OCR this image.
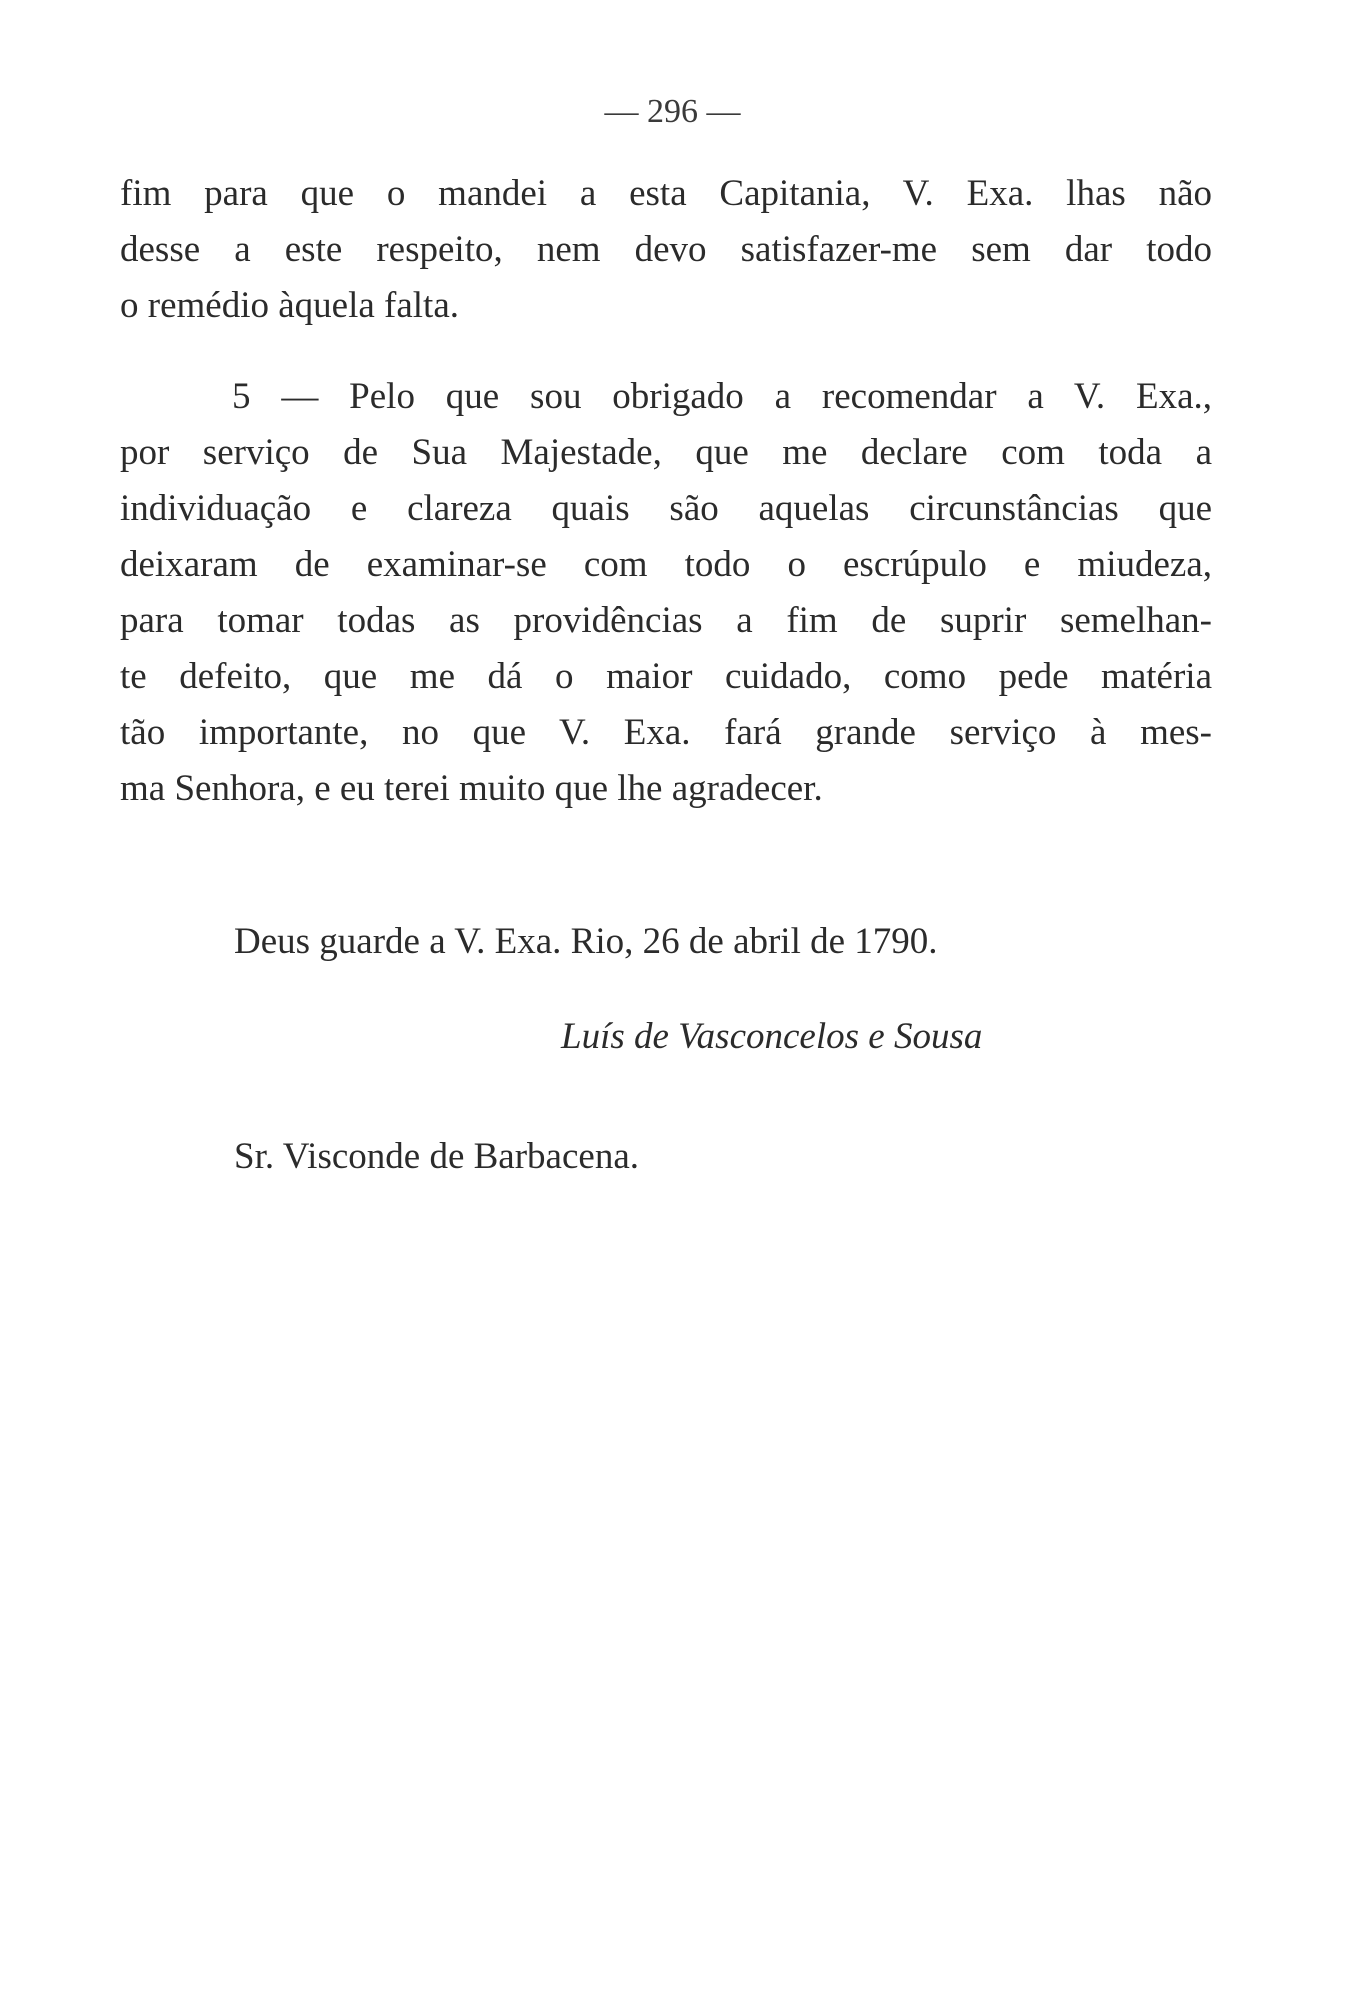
— 296 —
fim para que o mandei a esta Capitania, V. Exa. lhas não
desse a este respeito, nem devo satisfazer-me sem dar todo
o remédio àquela falta.
5 — Pelo que sou obrigado a recomendar a V. Exa.,
por serviço de Sua Majestade, que me declare com toda a
individuação e clareza quais são aquelas circunstâncias que
deixaram de examinar-se com todo o escrúpulo e miudeza,
para tomar todas as providências a fim de suprir semelhan-
te defeito, que me dá o maior cuidado, como pede matéria
tão importante, no que V. Exa. fará grande serviço à mes-
ma Senhora, e eu terei muito que lhe agradecer.
Deus guarde a V. Exa. Rio, 26 de abril de 1790.
Luís de Vasconcelos e Sousa
Sr. Visconde de Barbacena.
